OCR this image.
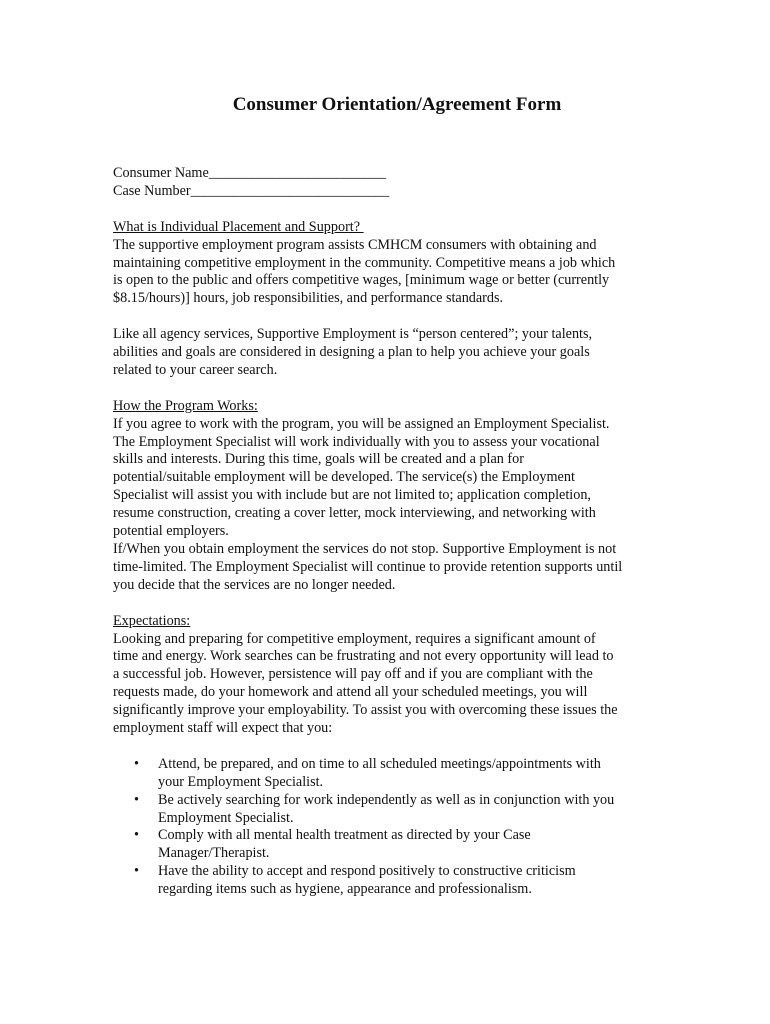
Consumer Orientation/Agreement Form
Consumer Name_________________________
Case Number____________________________
What is Individual Placement and Support?
The supportive employment program assists CMHCM consumers with obtaining and
maintaining competitive employment in the community. Competitive means a job which
is open to the public and offers competitive wages, [minimum wage or better (currently
$8.15/hours)] hours, job responsibilities, and performance standards.
Like all agency services, Supportive Employment is “person centered”; your talents,
abilities and goals are considered in designing a plan to help you achieve your goals
related to your career search.
How the Program Works:
If you agree to work with the program, you will be assigned an Employment Specialist.
The Employment Specialist will work individually with you to assess your vocational
skills and interests. During this time, goals will be created and a plan for
potential/suitable employment will be developed. The service(s) the Employment
Specialist will assist you with include but are not limited to; application completion,
resume construction, creating a cover letter, mock interviewing, and networking with
potential employers.
If/When you obtain employment the services do not stop. Supportive Employment is not
time-limited. The Employment Specialist will continue to provide retention supports until
you decide that the services are no longer needed.
Expectations:
Looking and preparing for competitive employment, requires a significant amount of
time and energy. Work searches can be frustrating and not every opportunity will lead to
a successful job. However, persistence will pay off and if you are compliant with the
requests made, do your homework and attend all your scheduled meetings, you will
significantly improve your employability. To assist you with overcoming these issues the
employment staff will expect that you:
• Attend, be prepared, and on time to all scheduled meetings/appointments with
your Employment Specialist.
• Be actively searching for work independently as well as in conjunction with you
Employment Specialist.
• Comply with all mental health treatment as directed by your Case
Manager/Therapist.
• Have the ability to accept and respond positively to constructive criticism
regarding items such as hygiene, appearance and professionalism.
